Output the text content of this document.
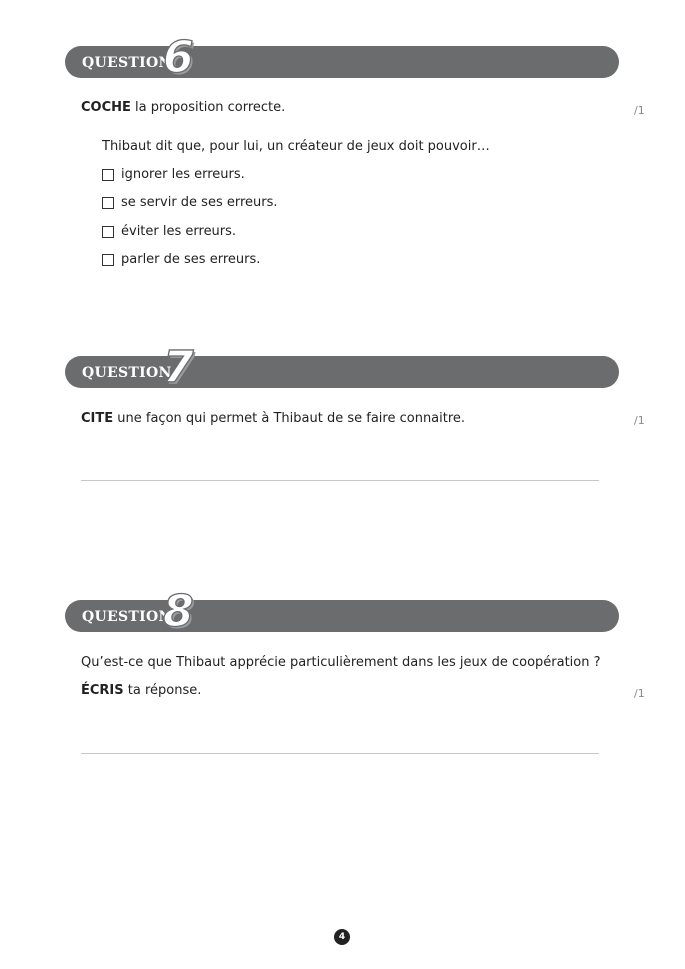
QUESTION
6
COCHE la proposition correcte.	/1
Thibaut dit que, pour lui, un créateur de jeux doit pouvoir…
ignorer les erreurs.
se servir de ses erreurs.
éviter les erreurs.
parler de ses erreurs.
QUESTION
7
CITE une façon qui permet à Thibaut de se faire connaitre.	/1
QUESTION
8
Qu’est-ce que Thibaut apprécie particulièrement dans les jeux de coopération ?
ÉCRIS ta réponse.	/1
4
